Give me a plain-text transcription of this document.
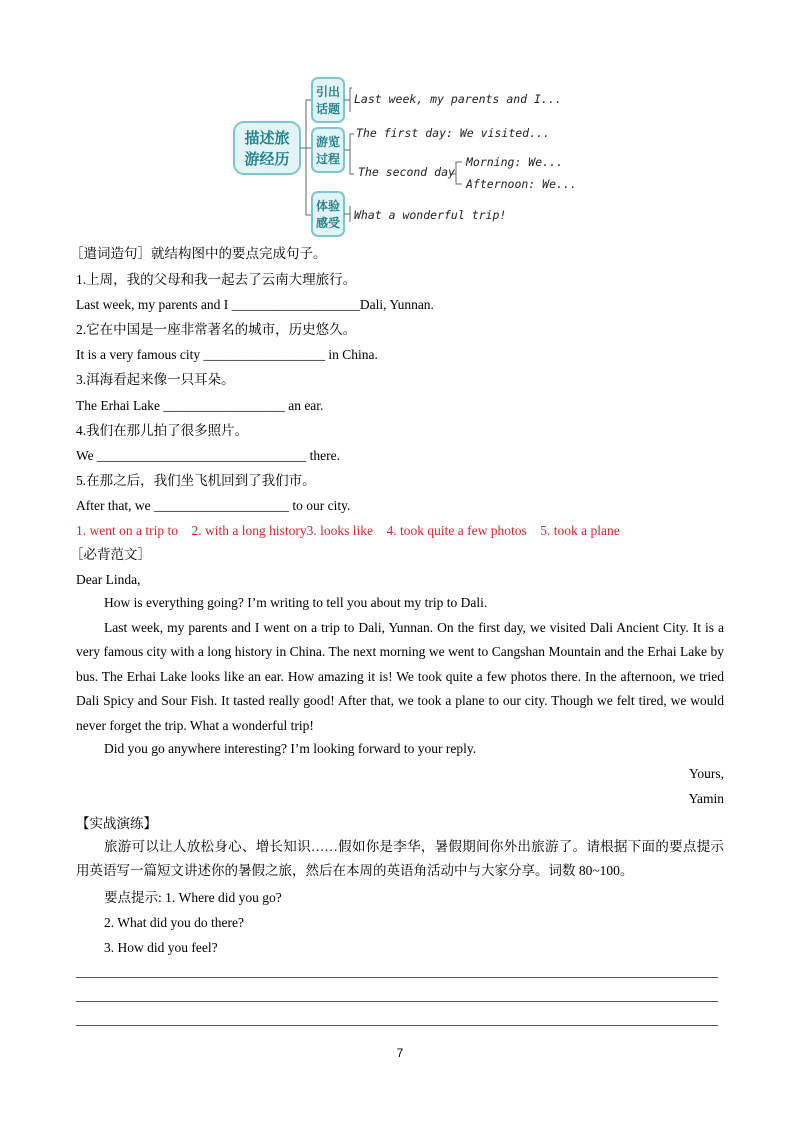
描述旅
游经历
引出
话题
游览
过程
体验
感受
Last week, my parents and I...
The first day: We visited...
The second day
Morning: We...
Afternoon: We...
What a wonderful trip!
［遣词造句］就结构图中的要点完成句子。
1.上周，我的父母和我一起去了云南大理旅行。
Last week, my parents and I ___________________Dali, Yunnan.
2.它在中国是一座非常著名的城市，历史悠久。
It is a very famous city __________________ in China.
3.洱海看起来像一只耳朵。
The Erhai Lake __________________ an ear.
4.我们在那儿拍了很多照片。
We _______________________________ there.
5.在那之后，我们坐飞机回到了我们市。
After that, we ____________________ to our city.
1. went on a trip to 2. with a long history3. looks like 4. took quite a few photos 5. took a plane
［必背范文］
Dear Linda,

How is everything going? I’m writing to tell you about my trip to Dali.

Last week, my parents and I went on a trip to Dali, Yunnan. On the first day, we visited Dali Ancient City. It is a very famous city with a long history in China. The next morning we went to Cangshan Mountain and the Erhai Lake by bus. The Erhai Lake looks like an ear. How amazing it is! We took quite a few photos there. In the afternoon, we tried Dali Spicy and Sour Fish. It tasted really good! After that, we took a plane to our city. Though we felt tired, we would never forget the trip. What a wonderful trip!

Did you go anywhere interesting? I’m looking forward to your reply.

Yours,
Yamin
【实战演练】

旅游可以让人放松身心、增长知识……假如你是李华，暑假期间你外出旅游了。请根据下面的要点提示用英语写一篇短文讲述你的暑假之旅，然后在本周的英语角活动中与大家分享。词数 80~100。

要点提示: 1. Where did you go?
2. What did you do there?
3. How did you feel?
7
